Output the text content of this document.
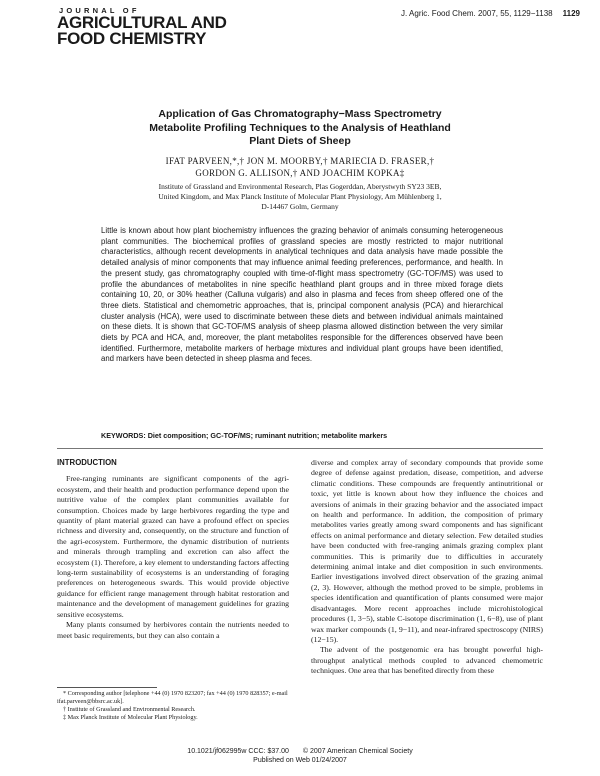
JOURNAL OF
AGRICULTURAL AND
FOOD CHEMISTRY
J. Agric. Food Chem. 2007, 55, 1129−1138 1129
Application of Gas Chromatography−Mass Spectrometry
Metabolite Profiling Techniques to the Analysis of Heathland
Plant Diets of Sheep
IFAT PARVEEN,*,† JON M. MOORBY,† MARIECIA D. FRASER,†
GORDON G. ALLISON,† AND JOACHIM KOPKA‡
Institute of Grassland and Environmental Research, Plas Gogerddan, Aberystwyth SY23 3EB,
United Kingdom, and Max Planck Institute of Molecular Plant Physiology, Am Mühlenberg 1,
D-14467 Golm, Germany
Little is known about how plant biochemistry influences the grazing behavior of animals consuming heterogeneous plant communities. The biochemical profiles of grassland species are mostly restricted to major nutritional characteristics, although recent developments in analytical techniques and data analysis have made possible the detailed analysis of minor components that may influence animal feeding preferences, performance, and health. In the present study, gas chromatography coupled with time-of-flight mass spectrometry (GC-TOF/MS) was used to profile the abundances of metabolites in nine specific heathland plant groups and in three mixed forage diets containing 10, 20, or 30% heather (Calluna vulgaris) and also in plasma and feces from sheep offered one of the three diets. Statistical and chemometric approaches, that is, principal component analysis (PCA) and hierarchical cluster analysis (HCA), were used to discriminate between these diets and between individual animals maintained on these diets. It is shown that GC-TOF/MS analysis of sheep plasma allowed distinction between the very similar diets by PCA and HCA, and, moreover, the plant metabolites responsible for the differences observed have been identified. Furthermore, metabolite markers of herbage mixtures and individual plant groups have been identified, and markers have been detected in sheep plasma and feces.
KEYWORDS: Diet composition; GC-TOF/MS; ruminant nutrition; metabolite markers
INTRODUCTION

Free-ranging ruminants are significant components of the agri-ecosystem, and their health and production performance depend upon the nutritive value of the complex plant communities available for consumption. Choices made by large herbivores regarding the type and quantity of plant material grazed can have a profound effect on species richness and diversity and, consequently, on the structure and function of the agri-ecosystem. Furthermore, the dynamic distribution of nutrients and minerals through trampling and excretion can also affect the ecosystem (1). Therefore, a key element to understanding factors affecting long-term sustainability of ecosystems is an understanding of foraging preferences on heterogeneous swards. This would provide objective guidance for efficient range management through habitat restoration and maintenance and the development of management guidelines for grazing sensitive ecosystems.

Many plants consumed by herbivores contain the nutrients needed to meet basic requirements, but they can also contain a

diverse and complex array of secondary compounds that provide some degree of defense against predation, disease, competition, and adverse climatic conditions. These compounds are frequently antinutritional or toxic, yet little is known about how they influence the choices and aversions of animals in their grazing behavior and the associated impact on health and performance. In addition, the composition of primary metabolites varies greatly among sward components and has significant effects on animal performance and dietary selection. Few detailed studies have been conducted with free-ranging animals grazing complex plant communities. This is primarily due to difficulties in accurately determining animal intake and diet composition in such environments. Earlier investigations involved direct observation of the grazing animal (2, 3). However, although the method proved to be simple, problems in species identification and quantification of plants consumed were major disadvantages. More recent approaches include microhistological procedures (1, 3−5), stable C-isotope discrimination (1, 6−8), use of plant wax marker compounds (1, 9−11), and near-infrared spectroscopy (NIRS) (12−15).

The advent of the postgenomic era has brought powerful high-throughput analytical methods coupled to advanced chemometric techniques. One area that has benefited directly from these

* Corresponding author [telephone +44 (0) 1970 823207; fax +44 (0) 1970 828357; e-mail ifat.parveen@bbsrc.ac.uk].
† Institute of Grassland and Environmental Research.
‡ Max Planck Institute of Molecular Plant Physiology.
10.1021/jf062995w CCC: $37.00 © 2007 American Chemical Society
Published on Web 01/24/2007
